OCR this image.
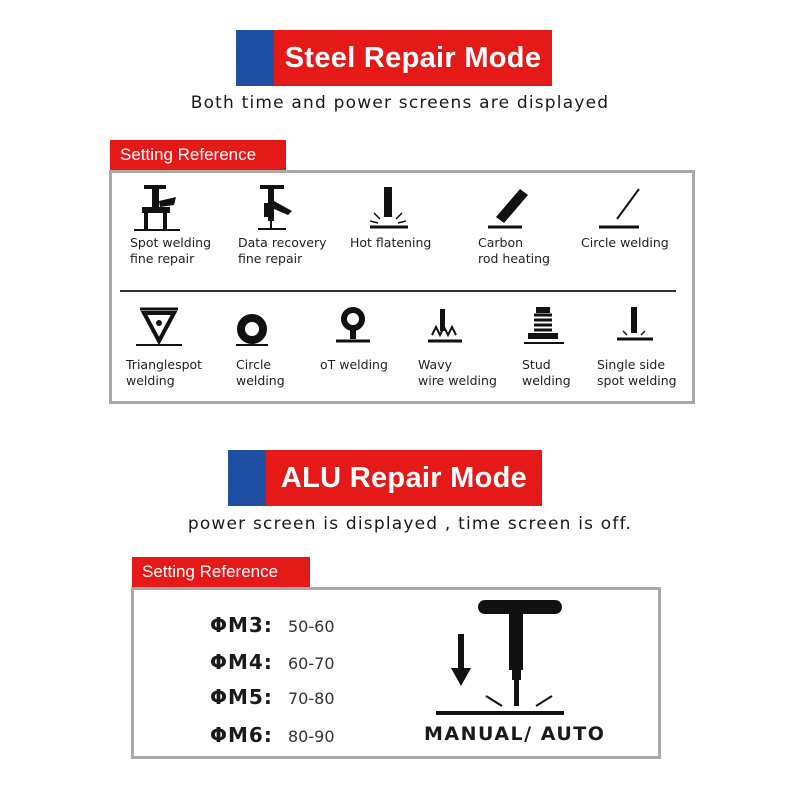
Steel Repair Mode
Both time and power screens are displayed
Setting Reference
Spot welding
fine repair
Data recovery
fine repair
Hot flatening	Carbon
rod heating
Circle welding
Trianglespot
welding
Circle
welding
oT welding Wavy
wire welding
Stud
welding
Single side
spot welding
ALU Repair Mode
power screen is displayed , time screen is off.
Setting Reference
ΦM3: 50-60
ΦM4: 60-70
ΦM5: 70-80
ΦM6: 80-90	MANUAL/ AUTO
